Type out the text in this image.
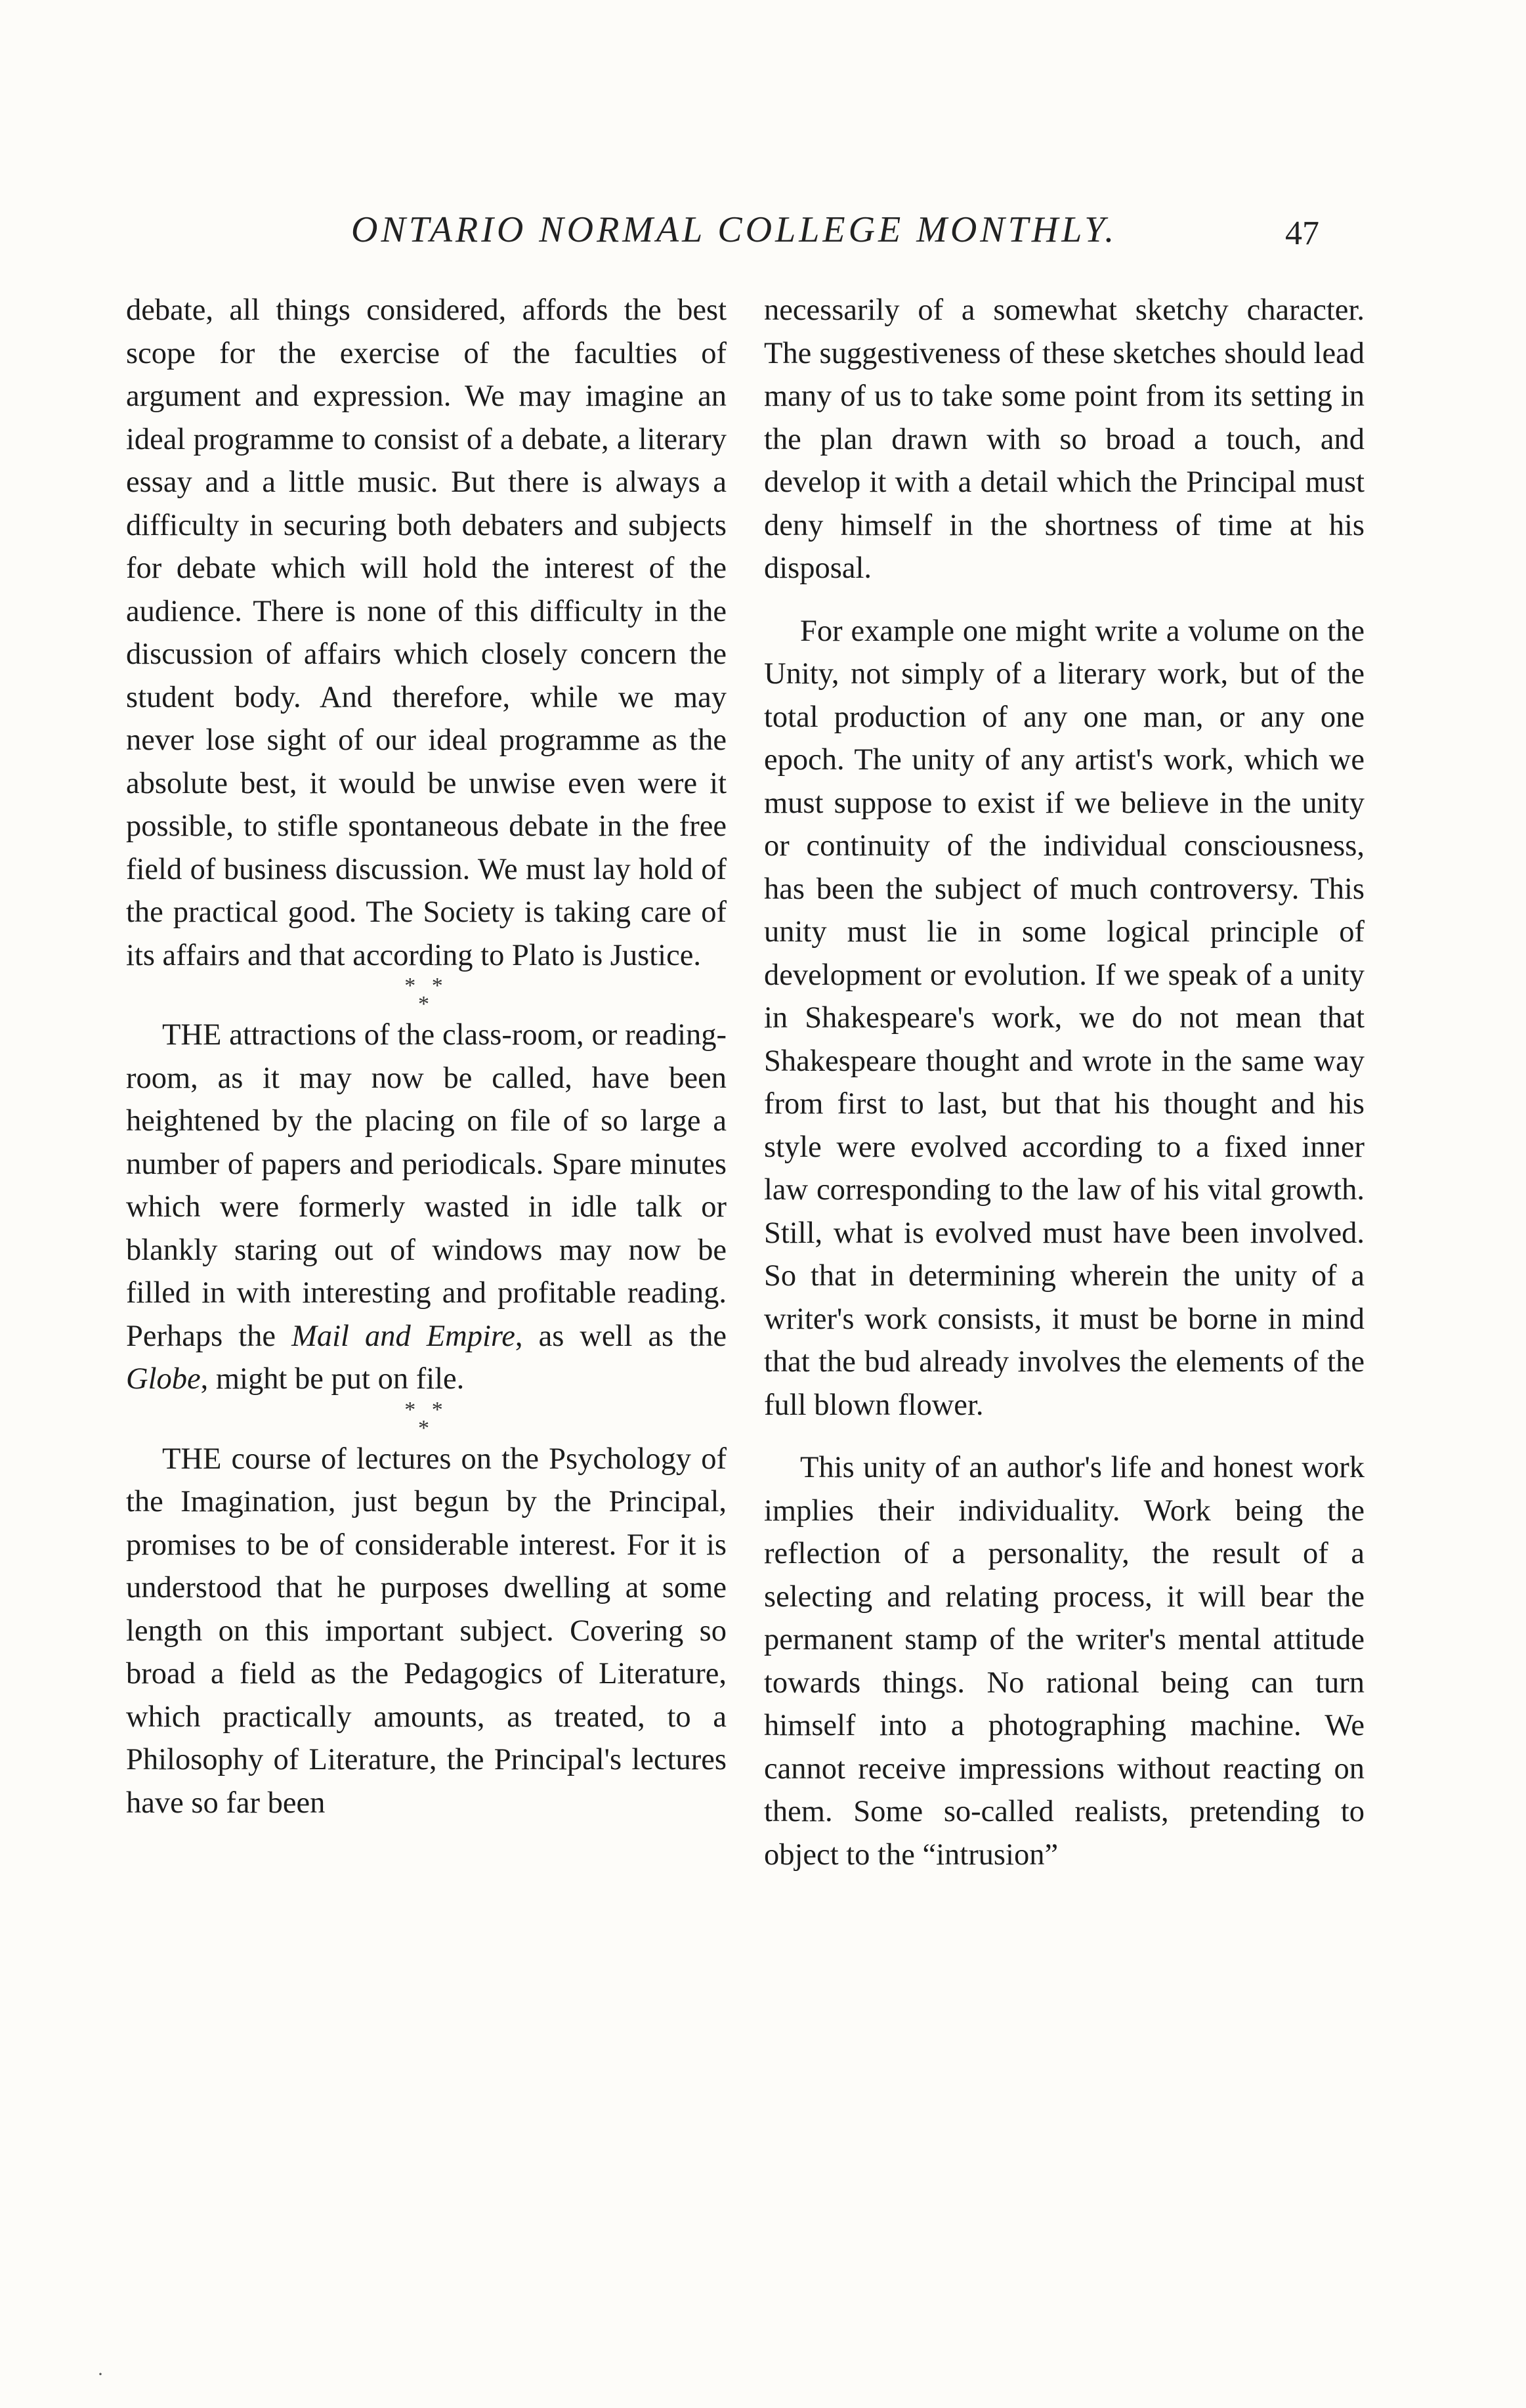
ONTARIO NORMAL COLLEGE MONTHLY.	47

debate, all things considered, affords the best scope for the exercise of the faculties of argument and expression. We may imagine an ideal programme to consist of a debate, a literary essay and a little music. But there is always a difficulty in securing both debaters and subjects for debate which will hold the interest of the audience. There is none of this difficulty in the discussion of affairs which closely concern the student body. And therefore, while we may never lose sight of our ideal programme as the absolute best, it would be unwise even were it possible, to stifle spontaneous debate in the free field of business discussion. We must lay hold of the practical good. The Society is taking care of its affairs and that according to Plato is Justice.

* *
*

THE attractions of the class-room, or reading-room, as it may now be called, have been heightened by the placing on file of so large a number of papers and periodicals. Spare minutes which were formerly wasted in idle talk or blankly staring out of windows may now be filled in with interesting and profitable reading. Perhaps the Mail and Empire, as well as the Globe, might be put on file.

* *
*

THE course of lectures on the Psychology of the Imagination, just begun by the Principal, promises to be of considerable interest. For it is understood that he purposes dwelling at some length on this important subject. Covering so broad a field as the Pedagogics of Literature, which practically amounts, as treated, to a Philosophy of Literature, the Principal's lectures have so far been

necessarily of a somewhat sketchy character. The suggestiveness of these sketches should lead many of us to take some point from its setting in the plan drawn with so broad a touch, and develop it with a detail which the Principal must deny himself in the shortness of time at his disposal.

For example one might write a volume on the Unity, not simply of a literary work, but of the total production of any one man, or any one epoch. The unity of any artist's work, which we must suppose to exist if we believe in the unity or continuity of the individual consciousness, has been the subject of much controversy. This unity must lie in some logical principle of development or evolution. If we speak of a unity in Shakespeare's work, we do not mean that Shakespeare thought and wrote in the same way from first to last, but that his thought and his style were evolved according to a fixed inner law corresponding to the law of his vital growth. Still, what is evolved must have been involved. So that in determining wherein the unity of a writer's work consists, it must be borne in mind that the bud already involves the elements of the full blown flower.

This unity of an author's life and honest work implies their individuality. Work being the reflection of a personality, the result of a selecting and relating process, it will bear the permanent stamp of the writer's mental attitude towards things. No rational being can turn himself into a photographing machine. We cannot receive impressions without reacting on them. Some so-called realists, pretending to object to the “intrusion”

·
